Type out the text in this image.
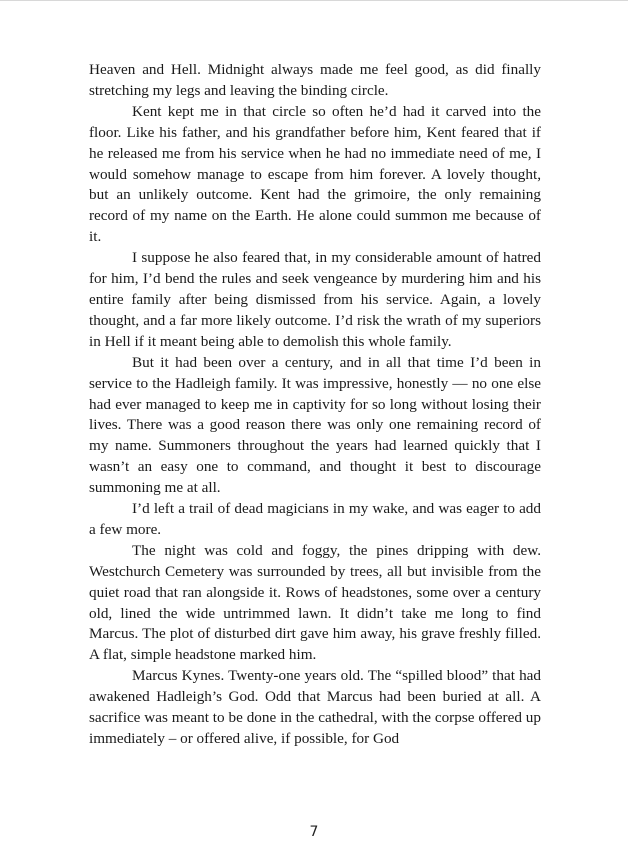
Heaven and Hell. Midnight always made me feel good, as did finally stretching my legs and leaving the binding circle.

Kent kept me in that circle so often he’d had it carved into the floor. Like his father, and his grandfather before him, Kent feared that if he released me from his service when he had no immediate need of me, I would somehow manage to escape from him forever. A lovely thought, but an unlikely outcome. Kent had the grimoire, the only remaining record of my name on the Earth. He alone could summon me because of it.

I suppose he also feared that, in my considerable amount of hatred for him, I’d bend the rules and seek vengeance by murdering him and his entire family after being dismissed from his service. Again, a lovely thought, and a far more likely outcome. I’d risk the wrath of my superiors in Hell if it meant being able to demolish this whole family.

But it had been over a century, and in all that time I’d been in service to the Hadleigh family. It was impressive, honestly — no one else had ever managed to keep me in captivity for so long without losing their lives. There was a good reason there was only one remaining record of my name. Summoners throughout the years had learned quickly that I wasn’t an easy one to command, and thought it best to discourage summoning me at all.

I’d left a trail of dead magicians in my wake, and was eager to add a few more.

The night was cold and foggy, the pines dripping with dew. Westchurch Cemetery was surrounded by trees, all but invisible from the quiet road that ran alongside it. Rows of headstones, some over a century old, lined the wide untrimmed lawn. It didn’t take me long to find Marcus. The plot of disturbed dirt gave him away, his grave freshly filled. A flat, simple headstone marked him.

Marcus Kynes. Twenty-one years old. The “spilled blood” that had awakened Hadleigh’s God. Odd that Marcus had been buried at all. A sacrifice was meant to be done in the cathedral, with the corpse offered up immediately – or offered alive, if possible, for God

7
